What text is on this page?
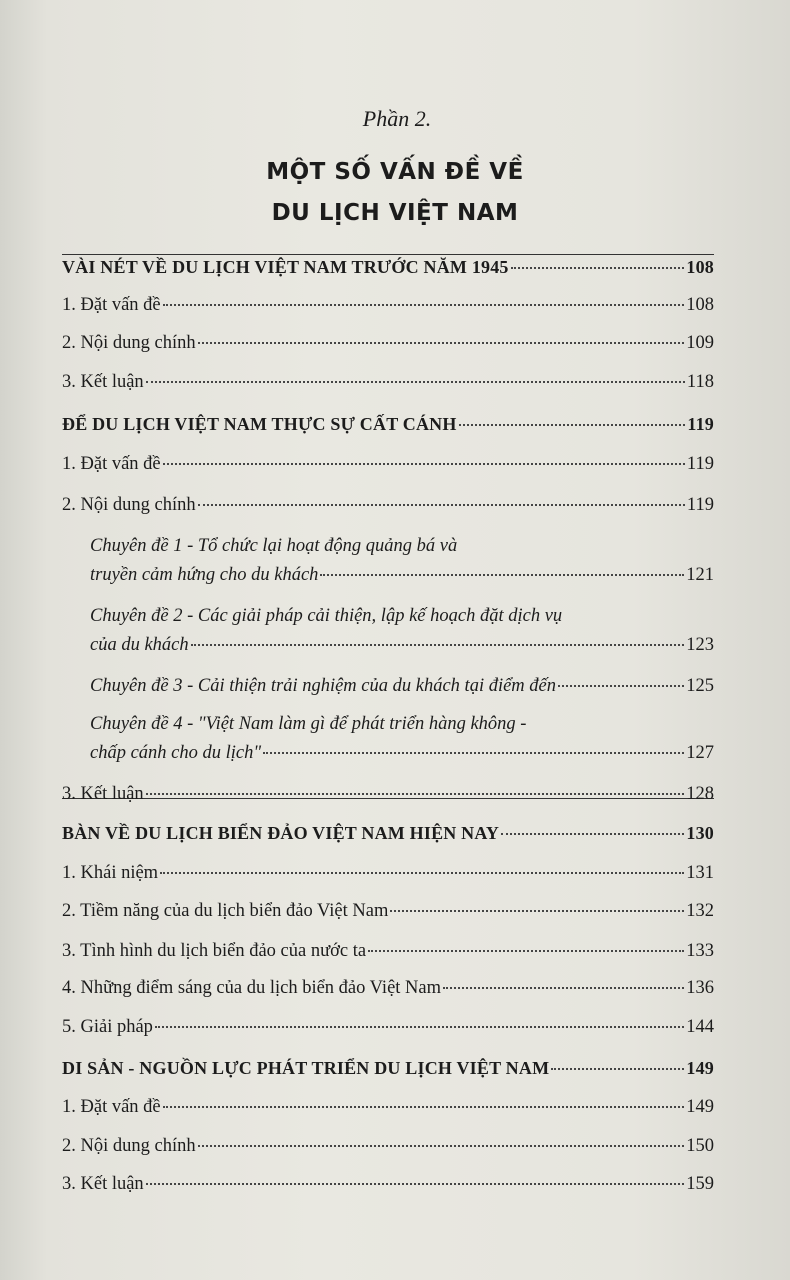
Phần 2.
MỘT SỐ VẤN ĐỀ VỀ
DU LỊCH VIỆT NAM
VÀI NÉT VỀ DU LỊCH VIỆT NAM TRƯỚC NĂM 1945	108
1. Đặt vấn đề	108
2. Nội dung chính	109
3. Kết luận	118
ĐỂ DU LỊCH VIỆT NAM THỰC SỰ CẤT CÁNH	119
1. Đặt vấn đề	119
2. Nội dung chính	119
Chuyên đề 1 - Tổ chức lại hoạt động quảng bá và
truyền cảm hứng cho du khách	121
Chuyên đề 2 - Các giải pháp cải thiện, lập kế hoạch đặt dịch vụ
của du khách	123
Chuyên đề 3 - Cải thiện trải nghiệm của du khách tại điểm đến	125
Chuyên đề 4 - "Việt Nam làm gì để phát triển hàng không -
chấp cánh cho du lịch"	127
3. Kết luận	128
BÀN VỀ DU LỊCH BIỂN ĐẢO VIỆT NAM HIỆN NAY	130
1. Khái niệm	131
2. Tiềm năng của du lịch biển đảo Việt Nam	132
3. Tình hình du lịch biển đảo của nước ta	133
4. Những điểm sáng của du lịch biển đảo Việt Nam	136
5. Giải pháp	144
DI SẢN - NGUỒN LỰC PHÁT TRIỂN DU LỊCH VIỆT NAM	149
1. Đặt vấn đề	149
2. Nội dung chính	150
3. Kết luận	159
